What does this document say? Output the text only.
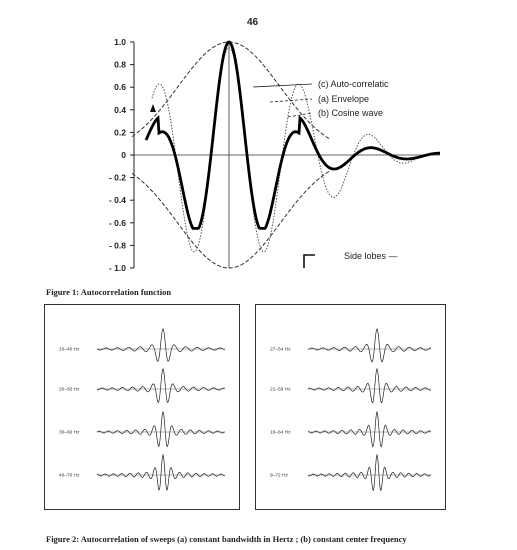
46
1.0
0.8
0.6
0.4
0.2
0
- 0.2
- 0.4
- 0.6
- 0.8
- 1.0
(c) Auto-correlatic
(a) Envelope
(b) Cosine wave
Side lobes —
Figure 1: Autocorrelation function
10–40 Hz
20–50 Hz
30–60 Hz
40–70 Hz
27–54 Hz
21–59 Hz
16–64 Hz
9–72 Hz
Figure 2: Autocorrelation of sweeps (a) constant bandwidth in Hertz ; (b) constant center frequency
